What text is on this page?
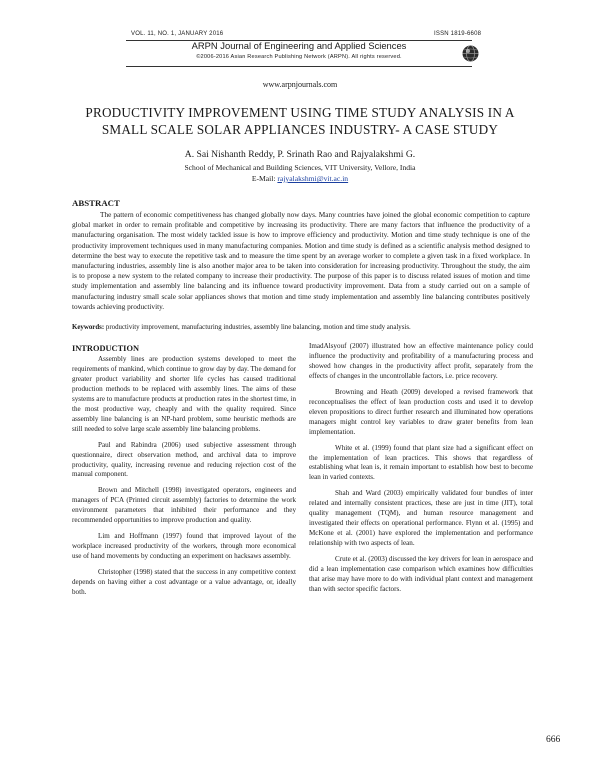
VOL. 11, NO. 1, JANUARY 2016	ISSN 1819-6608
ARPN Journal of Engineering and Applied Sciences
©2006-2016 Asian Research Publishing Network (ARPN). All rights reserved.
www.arpnjournals.com
PRODUCTIVITY IMPROVEMENT USING TIME STUDY ANALYSIS IN A
SMALL SCALE SOLAR APPLIANCES INDUSTRY- A CASE STUDY
A. Sai Nishanth Reddy, P. Srinath Rao and Rajyalakshmi G.
School of Mechanical and Building Sciences, VIT University, Vellore, India
E-Mail: rajyalakshmi@vit.ac.in
ABSTRACT
The pattern of economic competitiveness has changed globally now days. Many countries have joined the global economic competition to capture global market in order to remain profitable and competitive by increasing its productivity. There are many factors that influence the productivity of a manufacturing organisation. The most widely tackled issue is how to improve efficiency and productivity. Motion and time study technique is one of the productivity improvement techniques used in many manufacturing companies. Motion and time study is defined as a scientific analysis method designed to determine the best way to execute the repetitive task and to measure the time spent by an average worker to complete a given task in a fixed workplace. In manufacturing industries, assembly line is also another major area to be taken into consideration for increasing productivity. Throughout the study, the aim is to propose a new system to the related company to increase their productivity. The purpose of this paper is to discuss related issues of motion and time study implementation and assembly line balancing and its influence toward productivity improvement. Data from a study carried out on a sample of manufacturing industry small scale solar appliances shows that motion and time study implementation and assembly line balancing contributes positively towards achieving productivity.
Keywords: productivity improvement, manufacturing industries, assembly line balancing, motion and time study analysis.
INTRODUCTION

Assembly lines are production systems developed to meet the requirements of mankind, which continue to grow day by day. The demand for greater product variability and shorter life cycles has caused traditional production methods to be replaced with assembly lines. The aims of these systems are to manufacture products at production rates in the shortest time, in the most productive way, cheaply and with the quality required. Since assembly line balancing is an NP-hard problem, some heuristic methods are still needed to solve large scale assembly line balancing problems.

Paul and Rabindra (2006) used subjective assessment through questionnaire, direct observation method, and archival data to improve productivity, quality, increasing revenue and reducing rejection cost of the manual component.

Brown and Mitchell (1998) investigated operators, engineers and managers of PCA (Printed circuit assembly) factories to determine the work environment parameters that inhibited their performance and they recommended opportunities to improve production and quality.

Lim and Hoffmann (1997) found that improved layout of the workplace increased productivity of the workers, through more economical use of hand movements by conducting an experiment on hacksaws assembly.

Christopher (1998) stated that the success in any competitive context depends on having either a cost advantage or a value advantage, or, ideally both.

ImadAlsyouf (2007) illustrated how an effective maintenance policy could influence the productivity and profitability of a manufacturing process and showed how changes in the productivity affect profit, separately from the effects of changes in the uncontrollable factors, i.e. price recovery.

Browning and Heath (2009) developed a revised framework that reconceptualises the effect of lean production costs and used it to develop eleven propositions to direct further research and illuminated how operations managers might control key variables to draw grater benefits from lean implementation.

White et al. (1999) found that plant size had a significant effect on the implementation of lean practices. This shows that regardless of establishing what lean is, it remain important to establish how best to become lean in varied contexts.

Shah and Ward (2003) empirically validated four bundles of inter related and internally consistent practices, these are just in time (JIT), total quality management (TQM), and human resource management and investigated their effects on operational performance. Flynn et al. (1995) and McKone et al. (2001) have explored the implementation and performance relationship with two aspects of lean.

Crute et al. (2003) discussed the key drivers for lean in aerospace and did a lean implementation case comparison which examines how difficulties that arise may have more to do with individual plant context and management than with sector specific factors.

666
